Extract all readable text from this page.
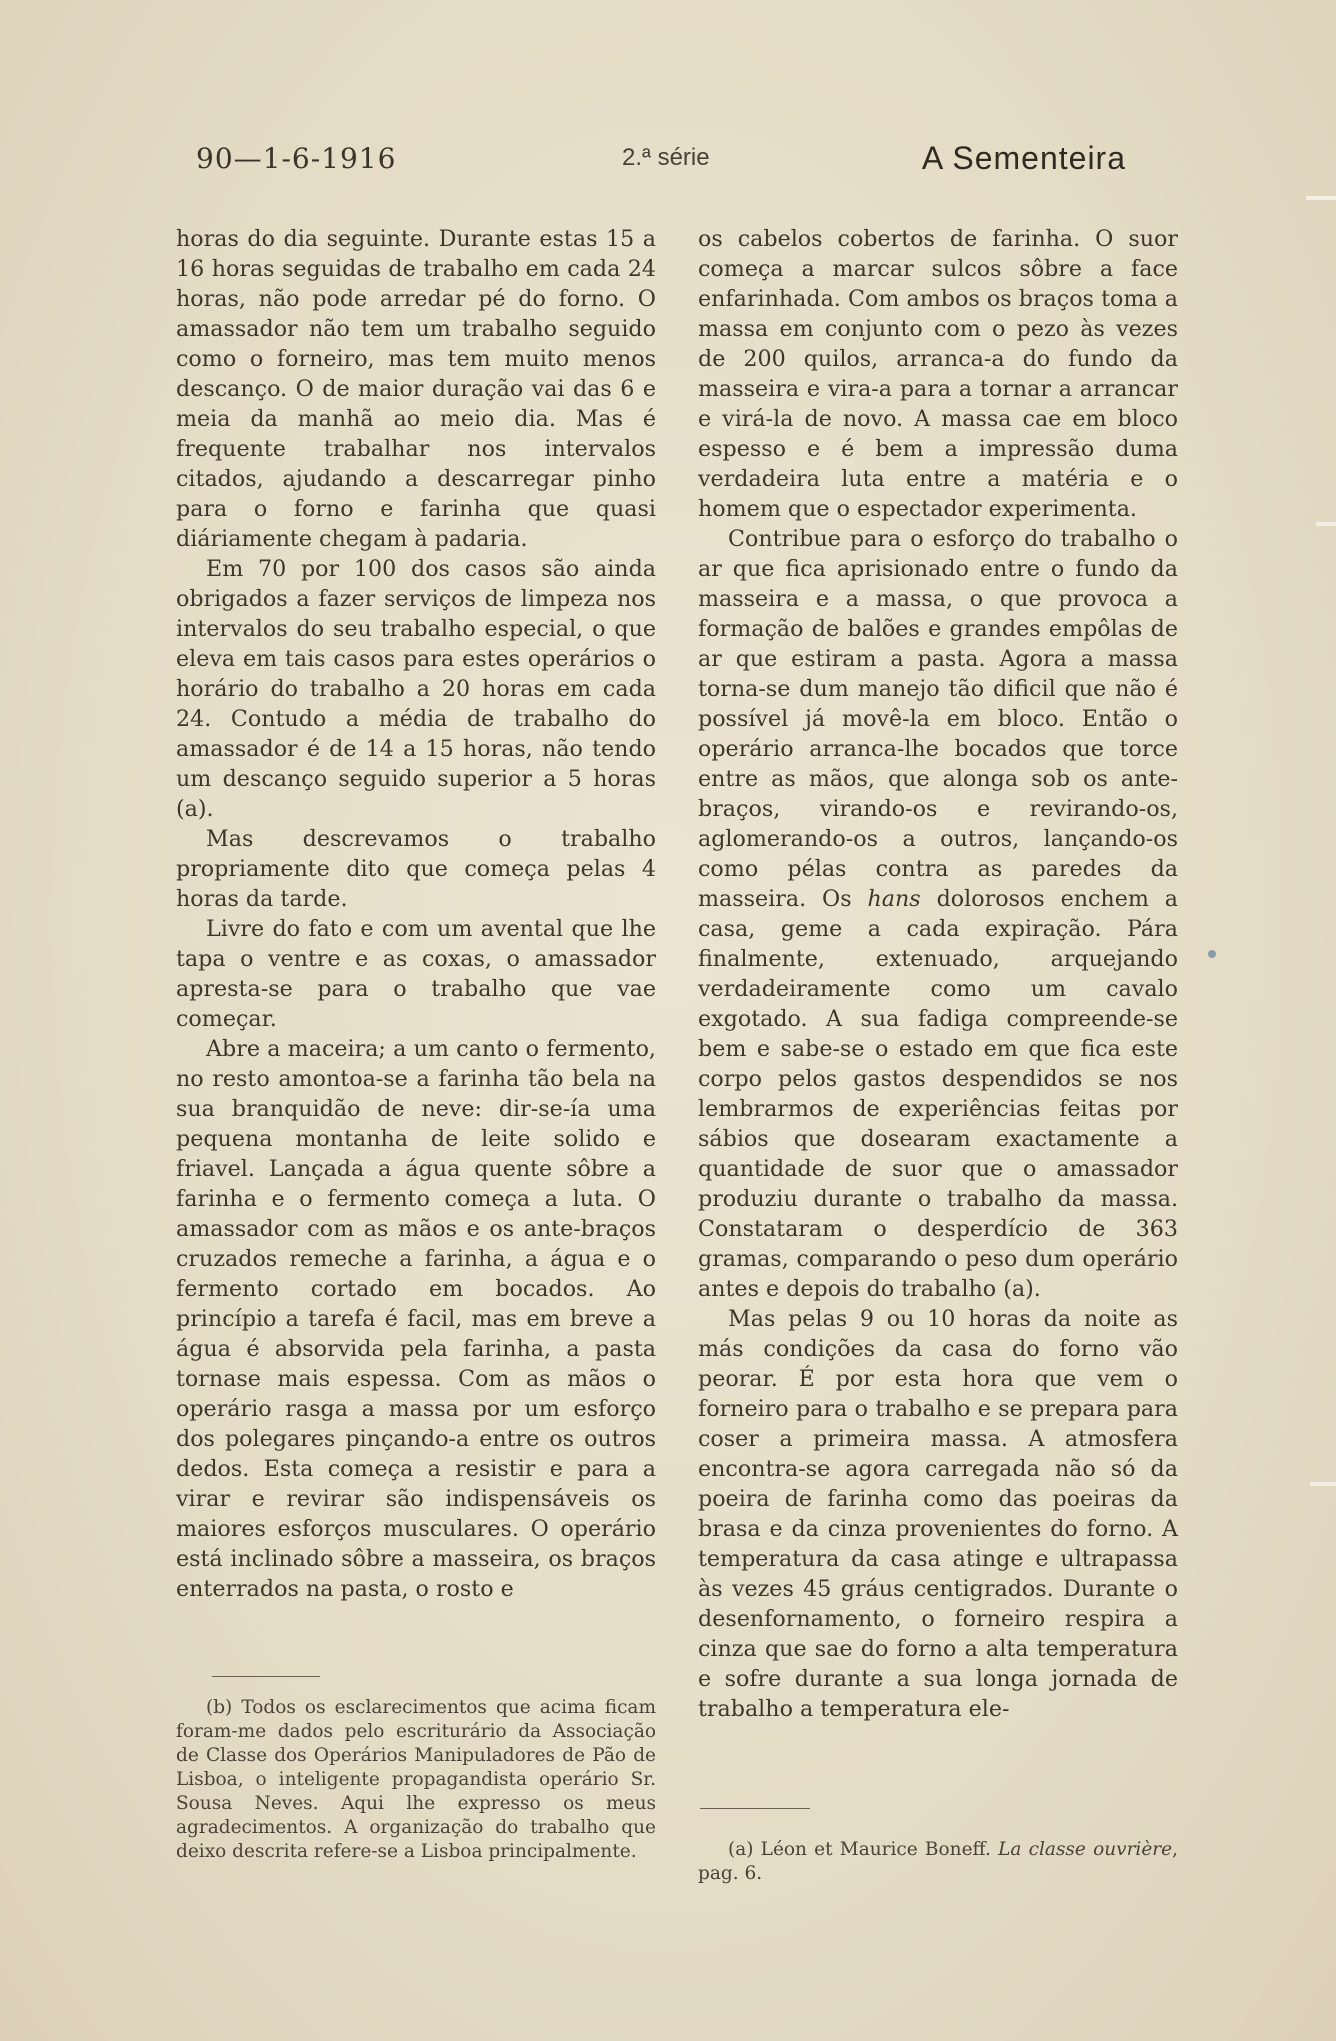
90—1-6-1916	2.ª série	A Sementeira

horas do dia seguinte. Durante estas 15 a 16 horas seguidas de trabalho em cada 24 horas, não pode arredar pé do forno. O amassador não tem um trabalho seguido como o forneiro, mas tem muito menos descanço. O de maior duração vai das 6 e meia da manhã ao meio dia. Mas é frequente trabalhar nos intervalos citados, ajudando a descarregar pinho para o forno e farinha que quasi diáriamente chegam à padaria.

Em 70 por 100 dos casos são ainda obrigados a fazer serviços de limpeza nos intervalos do seu trabalho especial, o que eleva em tais casos para estes operários o horário do trabalho a 20 horas em cada 24. Contudo a média de trabalho do amassador é de 14 a 15 horas, não tendo um descanço seguido superior a 5 horas (a).

Mas descrevamos o trabalho propriamente dito que começa pelas 4 horas da tarde.

Livre do fato e com um avental que lhe tapa o ventre e as coxas, o amassador apresta-se para o trabalho que vae começar.

Abre a maceira; a um canto o fermento, no resto amontoa-se a farinha tão bela na sua branquidão de neve: dir-se-ía uma pequena montanha de leite solido e friavel. Lançada a água quente sôbre a farinha e o fermento começa a luta. O amassador com as mãos e os ante-braços cruzados remeche a farinha, a água e o fermento cortado em bocados. Ao princípio a tarefa é facil, mas em breve a água é absorvida pela farinha, a pasta tornase mais espessa. Com as mãos o operário rasga a massa por um esforço dos polegares pinçando-a entre os outros dedos. Esta começa a resistir e para a virar e revirar são indispensáveis os maiores esforços musculares. O operário está inclinado sôbre a masseira, os braços enterrados na pasta, o rosto e

(b) Todos os esclarecimentos que acima ficam foram-me dados pelo escriturário da Associação de Classe dos Operários Manipuladores de Pão de Lisboa, o inteligente propagandista operário Sr. Sousa Neves. Aqui lhe expresso os meus agradecimentos. A organização do trabalho que deixo descrita refere-se a Lisboa principalmente.

os cabelos cobertos de farinha. O suor começa a marcar sulcos sôbre a face enfarinhada. Com ambos os braços toma a massa em conjunto com o pezo às vezes de 200 quilos, arranca-a do fundo da masseira e vira-a para a tornar a arrancar e virá-la de novo. A massa cae em bloco espesso e é bem a impressão duma verdadeira luta entre a matéria e o homem que o espectador experimenta.

Contribue para o esforço do trabalho o ar que fica aprisionado entre o fundo da masseira e a massa, o que provoca a formação de balões e grandes empôlas de ar que estiram a pasta. Agora a massa torna-se dum manejo tão dificil que não é possível já movê-la em bloco. Então o operário arranca-lhe bocados que torce entre as mãos, que alonga sob os ante-braços, virando-os e revirando-os, aglomerando-os a outros, lançando-os como pélas contra as paredes da masseira. Os hans dolorosos enchem a casa, geme a cada expiração. Pára finalmente, extenuado, arquejando verdadeiramente como um cavalo exgotado. A sua fadiga compreende-se bem e sabe-se o estado em que fica este corpo pelos gastos despendidos se nos lembrarmos de experiências feitas por sábios que dosearam exactamente a quantidade de suor que o amassador produziu durante o trabalho da massa. Constataram o desperdício de 363 gramas, comparando o peso dum operário antes e depois do trabalho (a).

Mas pelas 9 ou 10 horas da noite as más condições da casa do forno vão peorar. É por esta hora que vem o forneiro para o trabalho e se prepara para coser a primeira massa. A atmosfera encontra-se agora carregada não só da poeira de farinha como das poeiras da brasa e da cinza provenientes do forno. A temperatura da casa atinge e ultrapassa às vezes 45 gráus centigrados. Durante o desenfornamento, o forneiro respira a cinza que sae do forno a alta temperatura e sofre durante a sua longa jornada de trabalho a temperatura ele-

(a) Léon et Maurice Boneff. La classe ouvrière, pag. 6.
